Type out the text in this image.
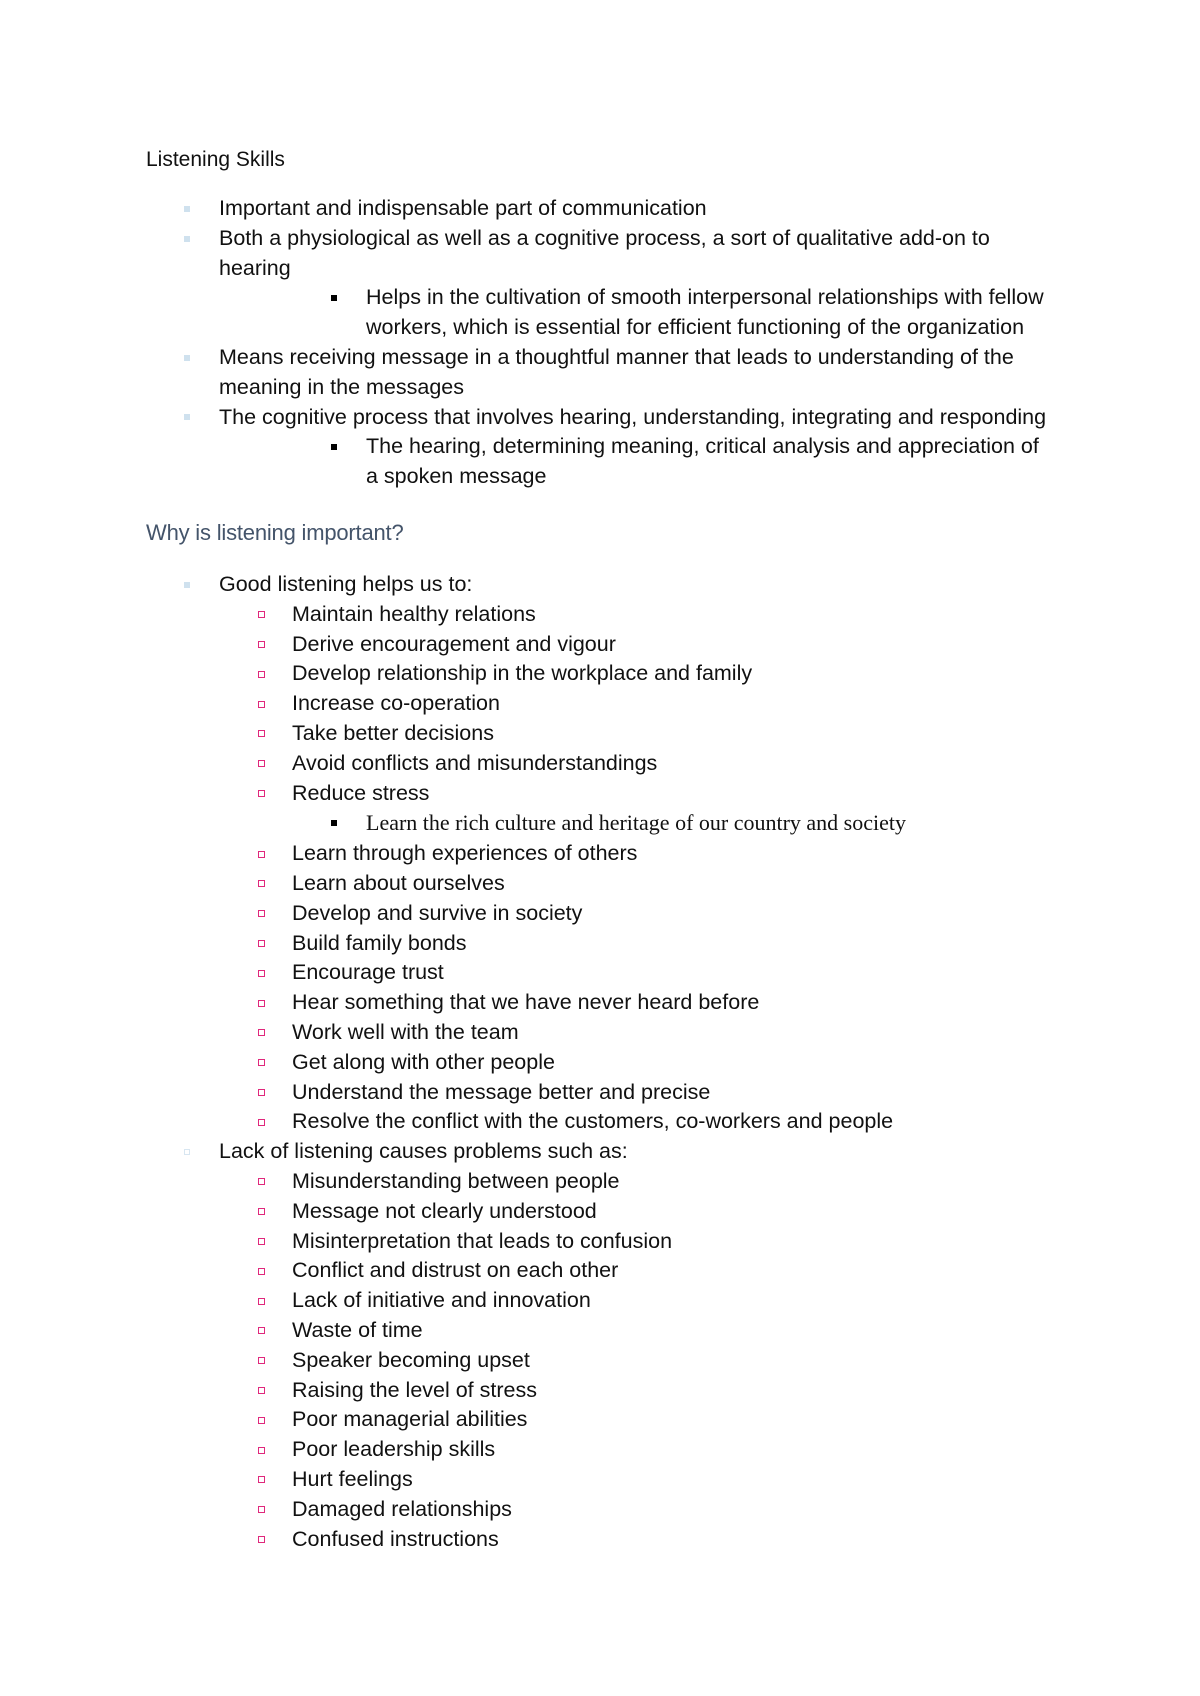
Listening Skills
Important and indispensable part of communication
Both a physiological as well as a cognitive process, a sort of qualitative add-on to hearing
Helps in the cultivation of smooth interpersonal relationships with fellow workers, which is essential for efficient functioning of the organization
Means receiving message in a thoughtful manner that leads to understanding of the meaning in the messages
The cognitive process that involves hearing, understanding, integrating and responding
The hearing, determining meaning, critical analysis and appreciation of a spoken message
Why is listening important?
Good listening helps us to:
Maintain healthy relations
Derive encouragement and vigour
Develop relationship in the workplace and family
Increase co-operation
Take better decisions
Avoid conflicts and misunderstandings
Reduce stress
Learn the rich culture and heritage of our country and society
Learn through experiences of others
Learn about ourselves
Develop and survive in society
Build family bonds
Encourage trust
Hear something that we have never heard before
Work well with the team
Get along with other people
Understand the message better and precise
Resolve the conflict with the customers, co-workers and people
Lack of listening causes problems such as:
Misunderstanding between people
Message not clearly understood
Misinterpretation that leads to confusion
Conflict and distrust on each other
Lack of initiative and innovation
Waste of time
Speaker becoming upset
Raising the level of stress
Poor managerial abilities
Poor leadership skills
Hurt feelings
Damaged relationships
Confused instructions
